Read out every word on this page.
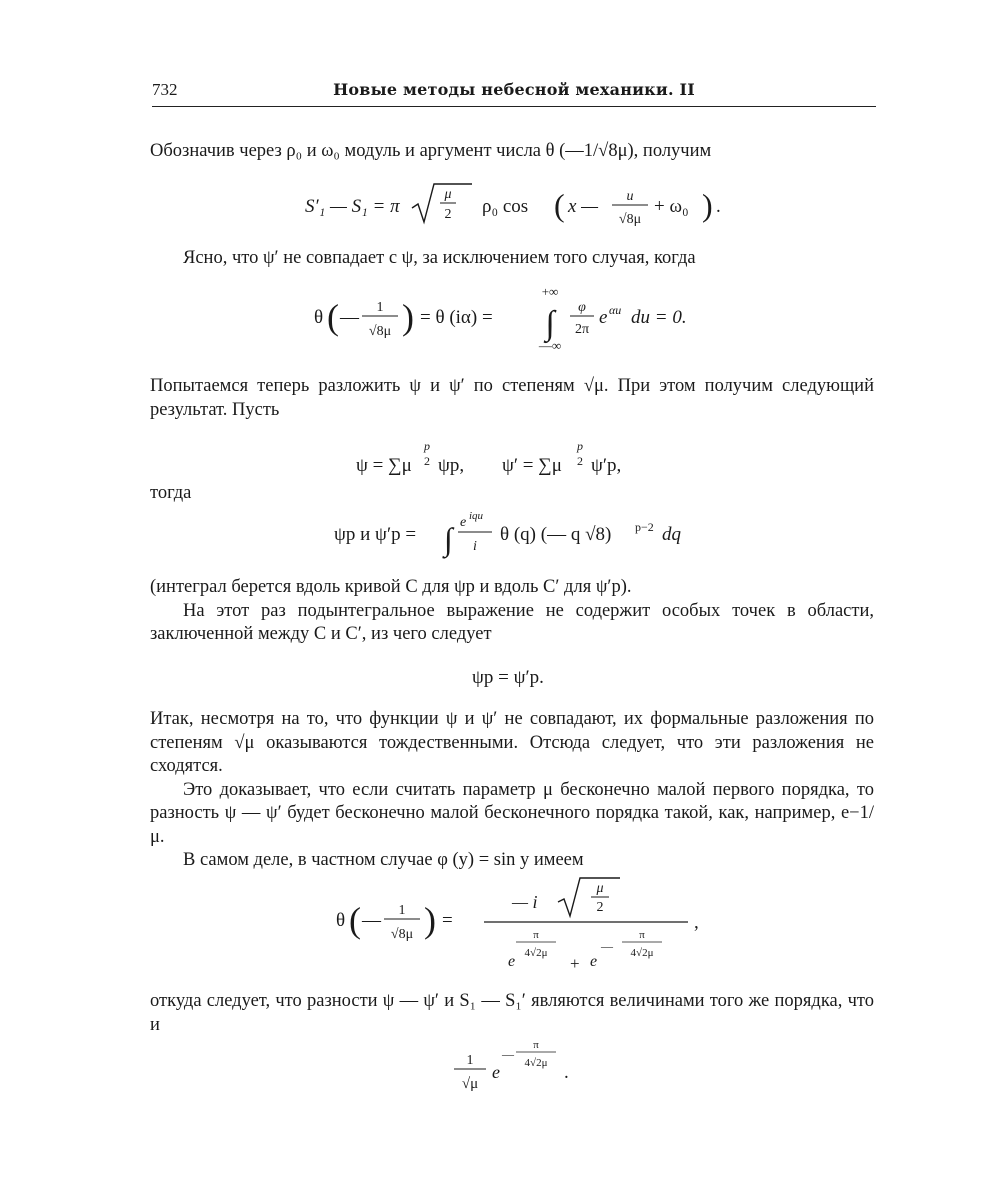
732	Новые методы небесной механики. II

Обозначив через ρ₀ и ω₀ модуль и аргумент числа θ (—1/√8μ), получим

S′₁ — S₁ = π
μ
2 ρ₀ cos ( x — u
√8μ
+ ω₀ ) .

Ясно, что ψ′ не совпадает с ψ, за исключением того случая, когда

θ ( — 1
√8μ ) = θ (iα) =
+∞
∫
—∞
φ
2π
e αu du = 0.

Попытаемся теперь разложить ψ и ψ′ по степеням √μ. При этом получим следующий результат. Пусть

ψ = ∑μ
p
2 ψp, ψ′ = ∑μ
p
2 ψ′p,

тогда

ψp и ψ′p = ∫ e iqu
i
θ (q) (— q √8) p−2 dq

(интеграл берется вдоль кривой C для ψp и вдоль C′ для ψ′p).

На этот раз подынтегральное выражение не содержит особых точек в области, заключенной между C и C′, из чего следует

ψp = ψ′p.

Итак, несмотря на то, что функции ψ и ψ′ не совпадают, их формальные разложения по степеням √μ оказываются тождественными. Отсюда следует, что эти разложения не сходятся.

Это доказывает, что если считать параметр μ бесконечно малой первого порядка, то разность ψ — ψ′ будет бесконечно малой бесконечного порядка такой, как, например, e−1/μ.

В самом деле, в частном случае φ (y) = sin y имеем

θ ( — 1
√8μ ) =
— i
μ
2
e
π
4√2μ
+ e
—
π
4√2μ
,

откуда следует, что разности ψ — ψ′ и S₁ — S₁′ являются величинами того же порядка, что и

1
√μ
e
—
π
4√2μ .
